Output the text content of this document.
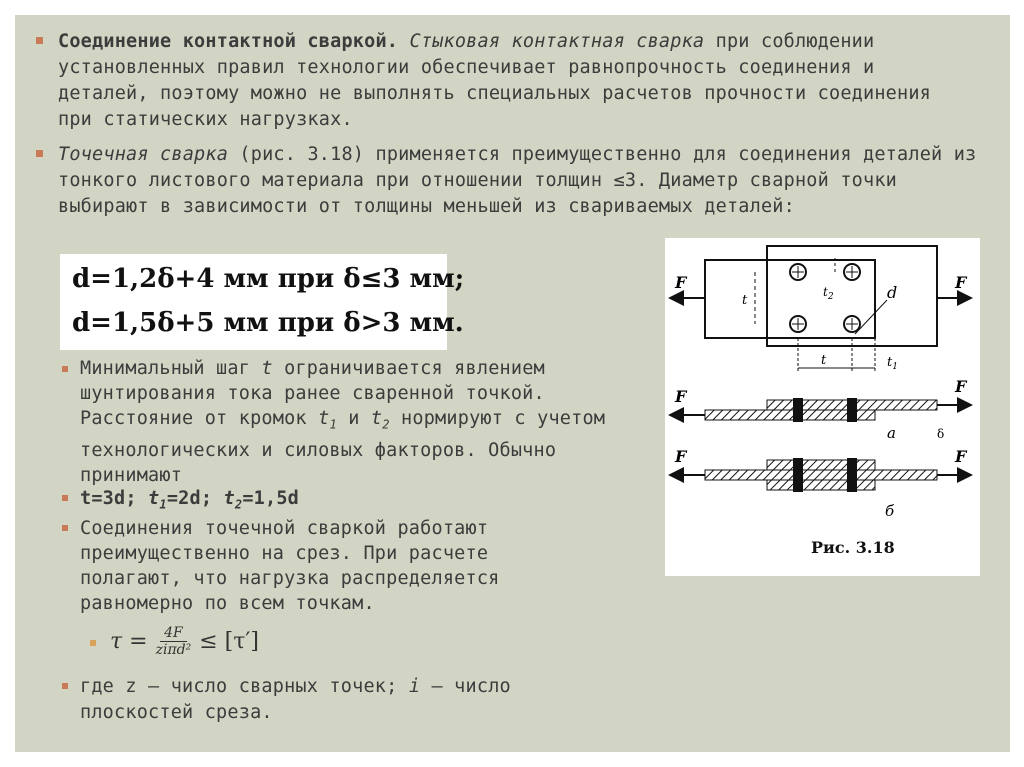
Соединение контактной сваркой. Стыковая контактная сварка при соблюдении установленных правил технологии обеспечивает равнопрочность соединения и деталей, поэтому можно не выполнять специальных расчетов прочности соединения при статических нагрузках.
Точечная сварка (рис. 3.18) применяется преимущественно для соединения деталей из тонкого листового материала при отношении толщин ≤3. Диаметр сварной точки выбирают в зависимости от толщины меньшей из свариваемых деталей:
d=1,2δ+4 мм при δ≤3 мм;
d=1,5δ+5 мм при δ>3 мм.
Минимальный шаг t ограничивается явлением шунтирования тока ранее сваренной точкой. Расстояние от кромок $t_1$ и $t_2$ нормируют с учетом технологических и силовых факторов. Обычно принимают
t=3d; $t_1=2d$; $t_2=1,5d$
Соединения точечной сваркой работают преимущественно на срез. При расчете полагают, что нагрузка распределяется равномерно по всем точкам.
$\tau = \frac{4F}{\text{ziπd²}} \le [\tau']$
где z — число сварных точек; i — число плоскостей среза.
t
$t_2$	d
t	$t_1$
F	F
F
F
а	δ
F	F
б
Рис. 3.18
